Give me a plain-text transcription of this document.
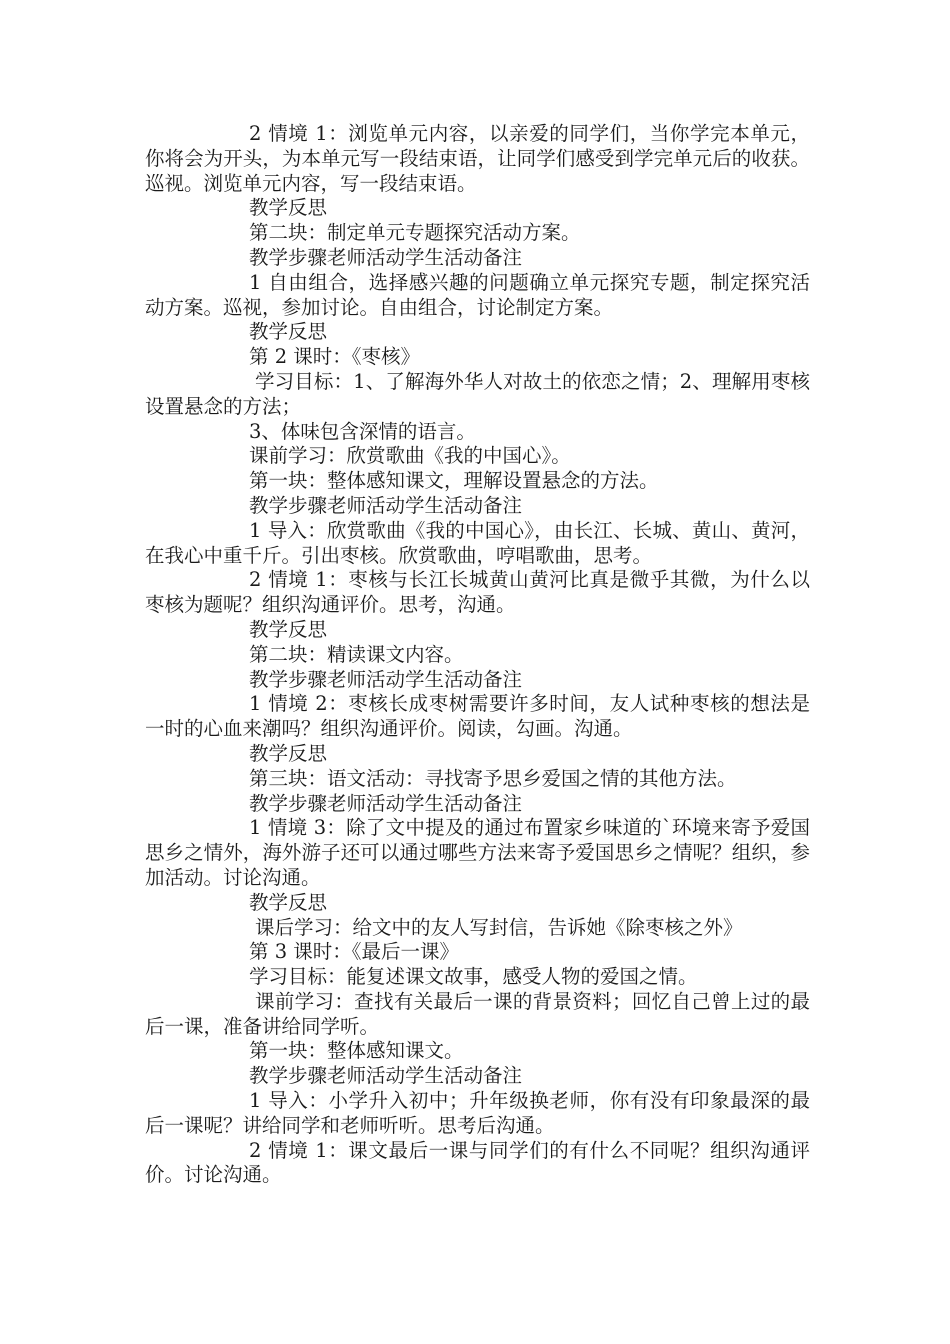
2 情境 1：浏览单元内容，以亲爱的同学们，当你学完本单元，你将会为开头，为本单元写一段结束语，让同学们感受到学完单元后的收获。巡视。浏览单元内容，写一段结束语。

教学反思

第二块：制定单元专题探究活动方案。

教学步骤老师活动学生活动备注

1 自由组合，选择感兴趣的问题确立单元探究专题，制定探究活动方案。巡视，参加讨论。自由组合，讨论制定方案。

教学反思

第 2 课时：《枣核》

学习目标：1、了解海外华人对故土的依恋之情；2、理解用枣核设置悬念的方法；

3、体味包含深情的语言。

课前学习：欣赏歌曲《我的中国心》。

第一块：整体感知课文，理解设置悬念的方法。

教学步骤老师活动学生活动备注

1 导入：欣赏歌曲《我的中国心》，由长江、长城、黄山、黄河，在我心中重千斤。引出枣核。欣赏歌曲，哼唱歌曲，思考。

2 情境 1：枣核与长江长城黄山黄河比真是微乎其微，为什么以枣核为题呢？组织沟通评价。思考，沟通。

教学反思

第二块：精读课文内容。

教学步骤老师活动学生活动备注

1 情境 2：枣核长成枣树需要许多时间，友人试种枣核的想法是一时的心血来潮吗？组织沟通评价。阅读，勾画。沟通。

教学反思

第三块：语文活动：寻找寄予思乡爱国之情的其他方法。

教学步骤老师活动学生活动备注

1 情境 3：除了文中提及的通过布置家乡味道的`环境来寄予爱国思乡之情外，海外游子还可以通过哪些方法来寄予爱国思乡之情呢？组织，参加活动。讨论沟通。

教学反思

课后学习：给文中的友人写封信，告诉她《除枣核之外》

第 3 课时：《最后一课》

学习目标：能复述课文故事，感受人物的爱国之情。

课前学习：查找有关最后一课的背景资料；回忆自己曾上过的最后一课，准备讲给同学听。

第一块：整体感知课文。

教学步骤老师活动学生活动备注

1 导入：小学升入初中；升年级换老师，你有没有印象最深的最后一课呢？讲给同学和老师听听。思考后沟通。

2 情境 1：课文最后一课与同学们的有什么不同呢？组织沟通评价。讨论沟通。
